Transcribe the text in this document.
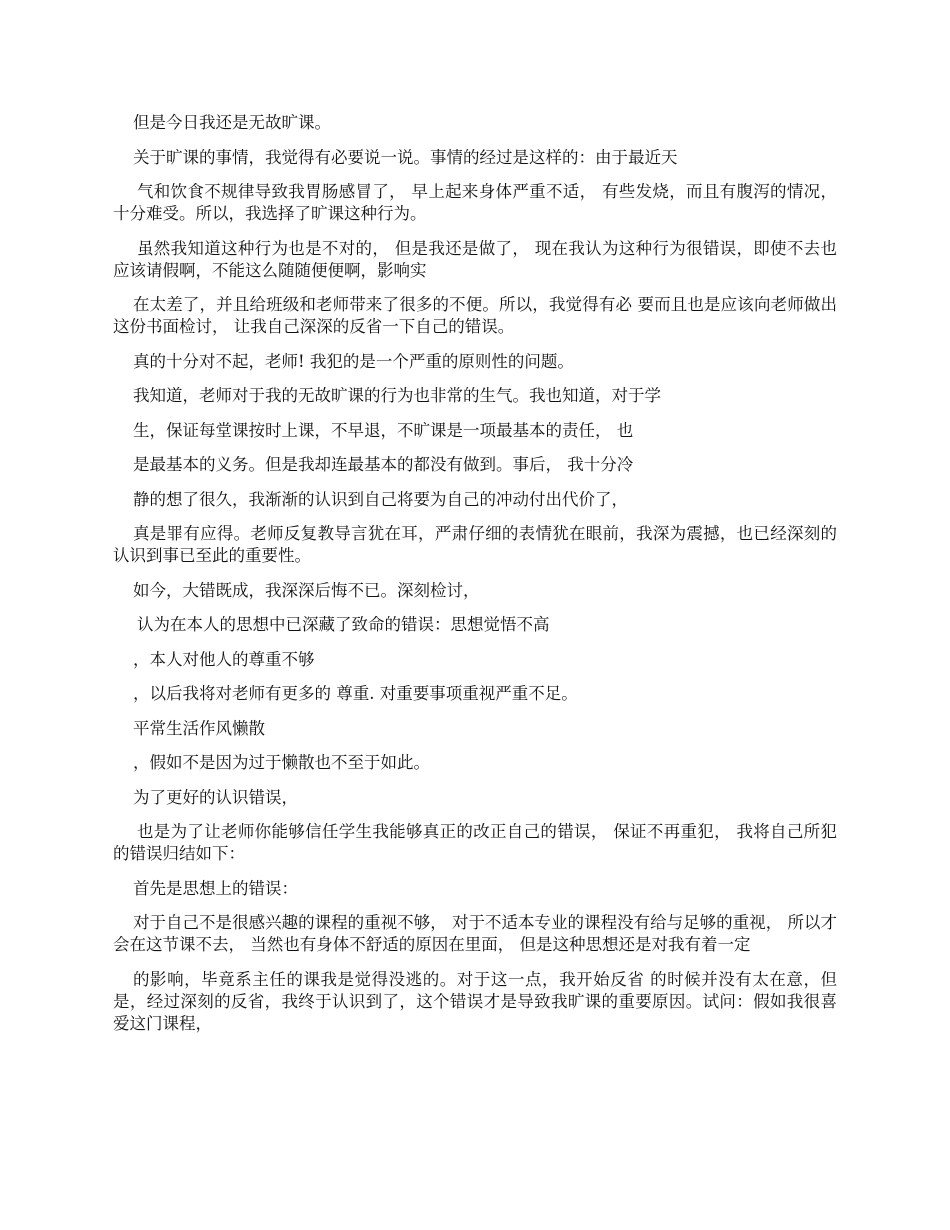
但是今日我还是无故旷课。

关于旷课的事情，我觉得有必要说一说。事情的经过是这样的：由于最近天

气和饮食不规律导致我胃肠感冒了， 早上起来身体严重不适， 有些发烧，而且有腹泻的情况，十分难受。所以，我选择了旷课这种行为。

虽然我知道这种行为也是不对的， 但是我还是做了， 现在我认为这种行为很错误，即使不去也应该请假啊，不能这么随随便便啊，影响实

在太差了，并且给班级和老师带来了很多的不便。所以，我觉得有必 要而且也是应该向老师做出这份书面检讨， 让我自己深深的反省一下自己的错误。

真的十分对不起，老师! 我犯的是一个严重的原则性的问题。

我知道，老师对于我的无故旷课的行为也非常的生气。我也知道，对于学

生，保证每堂课按时上课，不早退，不旷课是一项最基本的责任， 也

是最基本的义务。但是我却连最基本的都没有做到。事后， 我十分冷

静的想了很久，我渐渐的认识到自己将要为自己的冲动付出代价了，

真是罪有应得。老师反复教导言犹在耳，严肃仔细的表情犹在眼前，我深为震撼，也已经深刻的认识到事已至此的重要性。

如今，大错既成，我深深后悔不已。深刻检讨，

认为在本人的思想中已深藏了致命的错误：思想觉悟不高

，本人对他人的尊重不够

，以后我将对老师有更多的 尊重. 对重要事项重视严重不足。

平常生活作风懒散

，假如不是因为过于懒散也不至于如此。

为了更好的认识错误，

也是为了让老师你能够信任学生我能够真正的改正自己的错误， 保证不再重犯， 我将自己所犯的错误归结如下：

首先是思想上的错误：

对于自己不是很感兴趣的课程的重视不够， 对于不适本专业的课程没有给与足够的重视， 所以才会在这节课不去， 当然也有身体不舒适的原因在里面， 但是这种思想还是对我有着一定

的影响，毕竟系主任的课我是觉得没逃的。对于这一点，我开始反省 的时候并没有太在意，但是，经过深刻的反省，我终于认识到了，这个错误才是导致我旷课的重要原因。试问：假如我很喜爱这门课程，
